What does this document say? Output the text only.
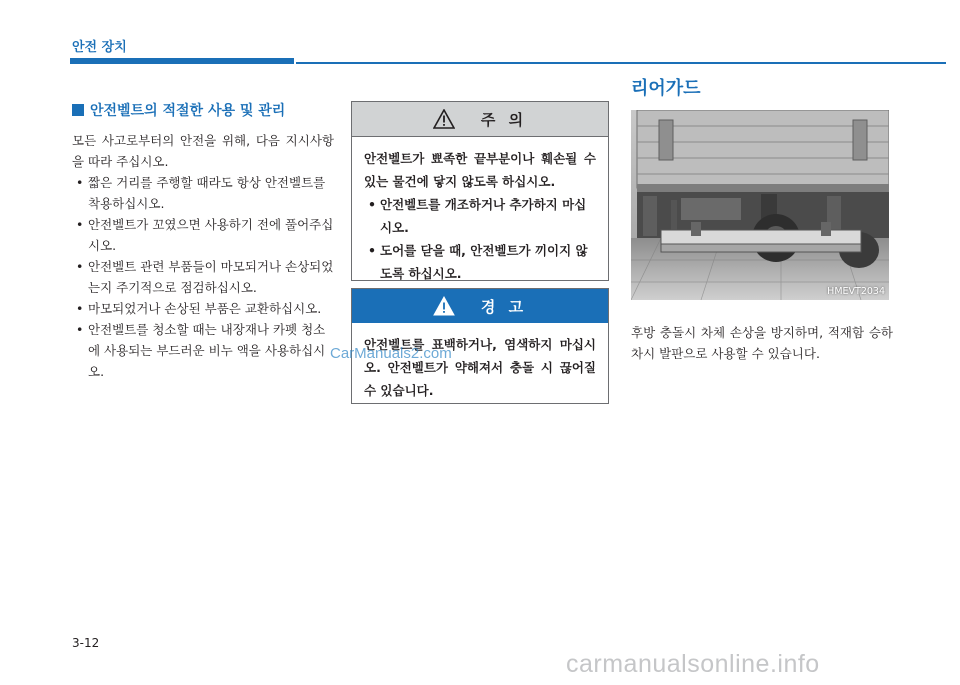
안전 장치
안전벨트의 적절한 사용 및 관리

모든 사고로부터의 안전을 위해, 다음 지시사항을 따라 주십시오.

• 짧은 거리를 주행할 때라도 항상 안전벨트를 착용하십시오.
• 안전벨트가 꼬였으면 사용하기 전에 풀어주십시오.
• 안전벨트 관련 부품들이 마모되거나 손상되었는지 주기적으로 점검하십시오.
• 마모되었거나 손상된 부품은 교환하십시오.
• 안전벨트를 청소할 때는 내장재나 카펫 청소에 사용되는 부드러운 비누 액을 사용하십시오.
주 의

안전벨트가 뾰족한 끝부분이나 훼손될 수 있는 물건에 닿지 않도록 하십시오.

• 안전벨트를 개조하거나 추가하지 마십시오.
• 도어를 닫을 때, 안전벨트가 끼이지 않도록 하십시오.
경 고

안전벨트를 표백하거나, 염색하지 마십시오. 안전벨트가 약해져서 충돌 시 끊어질 수 있습니다.

리어가드
HMEVT2034

후방 충돌시 차체 손상을 방지하며, 적재함 승하차시 발판으로 사용할 수 있습니다.

3-12
CarManuals2.com
carmanualsonline.info
